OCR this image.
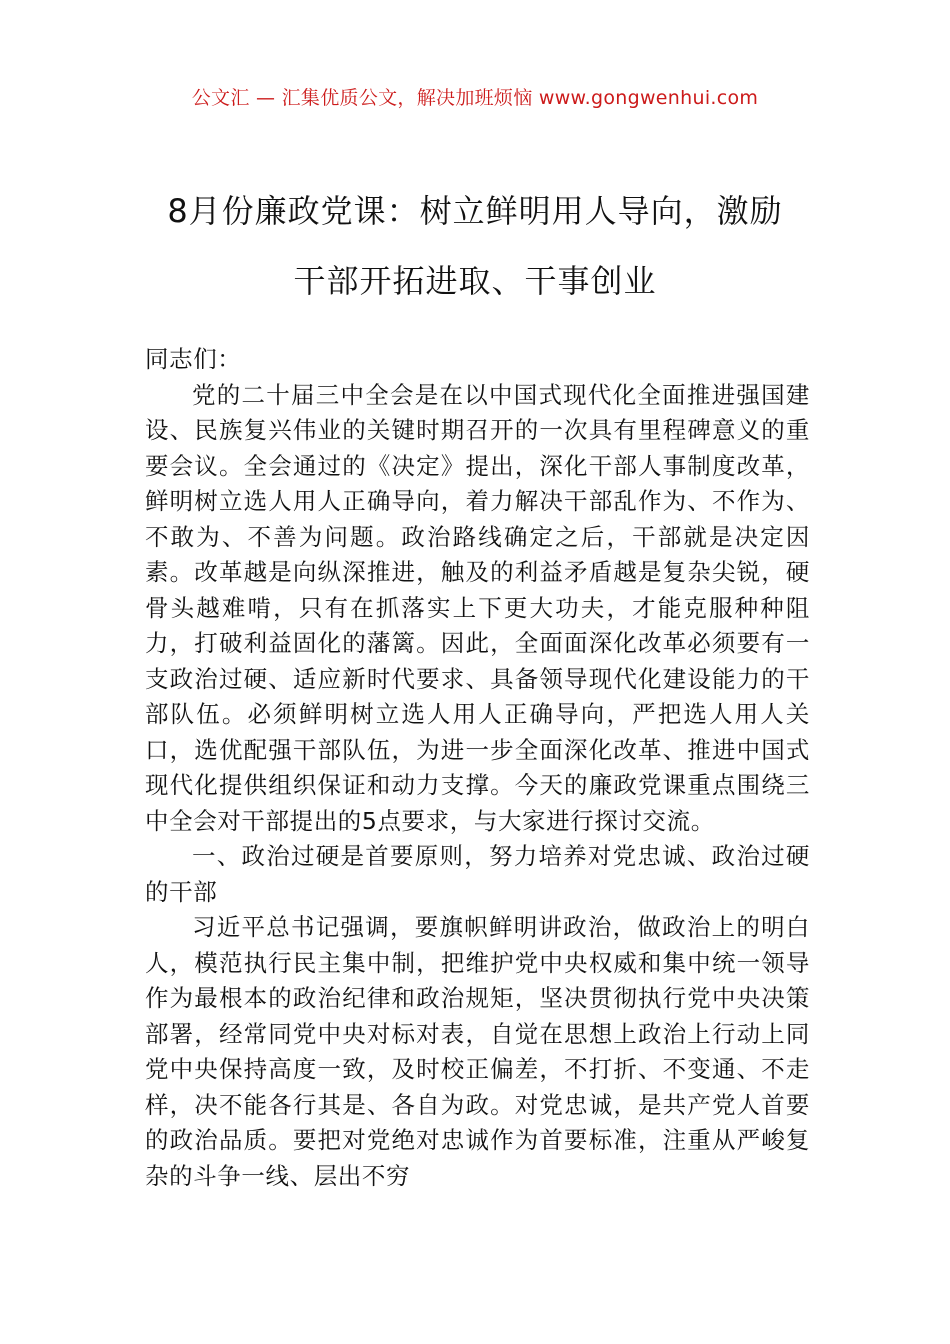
公文汇 — 汇集优质公文，解决加班烦恼 www.gongwenhui.com
8月份廉政党课：树立鲜明用人导向，激励
干部开拓进取、干事创业

同志们：

党的二十届三中全会是在以中国式现代化全面推进强国建设、民族复兴伟业的关键时期召开的一次具有里程碑意义的重要会议。全会通过的《决定》提出，深化干部人事制度改革，鲜明树立选人用人正确导向，着力解决干部乱作为、不作为、不敢为、不善为问题。政治路线确定之后，干部就是决定因素。改革越是向纵深推进，触及的利益矛盾越是复杂尖锐，硬骨头越难啃，只有在抓落实上下更大功夫，才能克服种种阻力，打破利益固化的藩篱。因此，全面面深化改革必须要有一支政治过硬、适应新时代要求、具备领导现代化建设能力的干部队伍。必须鲜明树立选人用人正确导向，严把选人用人关口，选优配强干部队伍，为进一步全面深化改革、推进中国式现代化提供组织保证和动力支撑。今天的廉政党课重点围绕三中全会对干部提出的5点要求，与大家进行探讨交流。

一、政治过硬是首要原则，努力培养对党忠诚、政治过硬的干部

习近平总书记强调，要旗帜鲜明讲政治，做政治上的明白人，模范执行民主集中制，把维护党中央权威和集中统一领导作为最根本的政治纪律和政治规矩，坚决贯彻执行党中央决策部署，经常同党中央对标对表，自觉在思想上政治上行动上同党中央保持高度一致，及时校正偏差，不打折、不变通、不走样，决不能各行其是、各自为政。对党忠诚，是共产党人首要的政治品质。要把对党绝对忠诚作为首要标准，注重从严峻复杂的斗争一线、层出不穷
